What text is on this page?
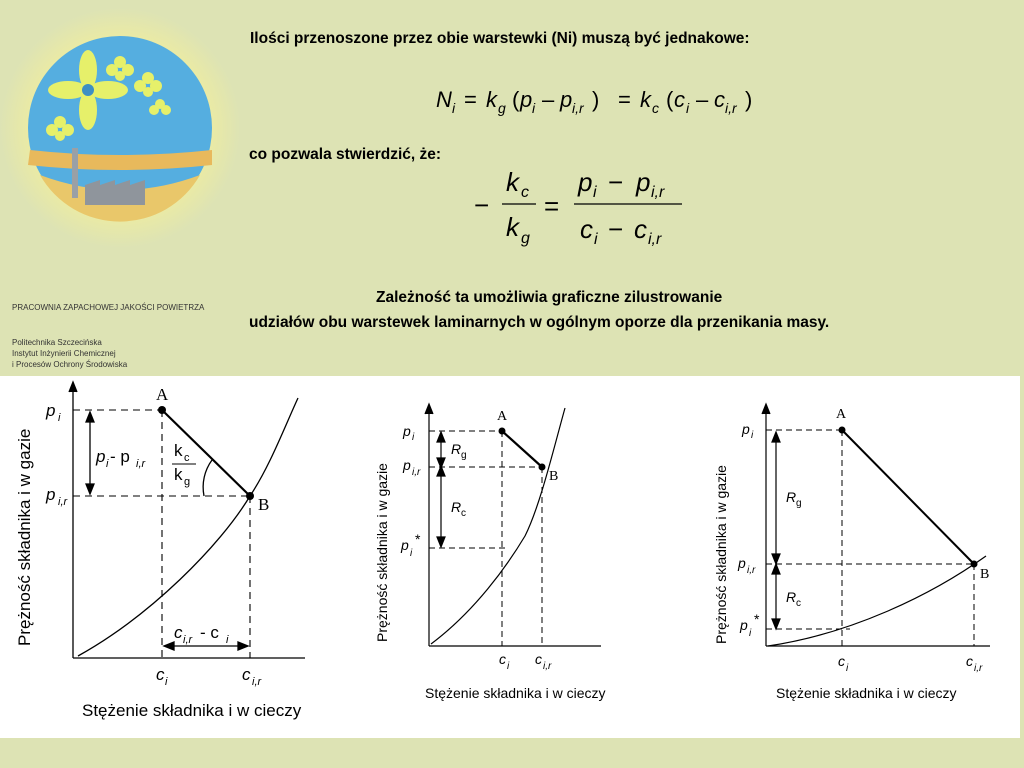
PRACOWNIA ZAPACHOWEJ JAKOŚCI POWIETRZA
Politechnika Szczecińska
Instytut Inżynierii Chemicznej
i Procesów Ochrony Środowiska
Ilości przenoszone przez obie warstewki (Ni) muszą być jednakowe:
co pozwala stwierdzić, że:
Zależność ta umożliwia graficzne zilustrowanie
udziałów obu warstewek laminarnych w ogólnym oporze dla przenikania masy.
N i = k g ( p i – p i,r ) = k c ( c i – c i,r )
−
k c
k g
=
p i − p i,r
c i − c i,r
A
B
p i
p i,r
c i	c i,r
p i - p i,r
c i,r - c i
k c
k g
Stężenie składnika i w cieczy
Prężność składnika i w gazie
A
B
p i
p i,r
p
i
*
c i c i,r
R g
R c
Stężenie składnika i w cieczy
Prężność składnika i w gazie
A
B
p i
p i,r
p
i
*
c i	c i,r
R g
R c
Stężenie składnika i w cieczy
Prężność składnika i w gazie
